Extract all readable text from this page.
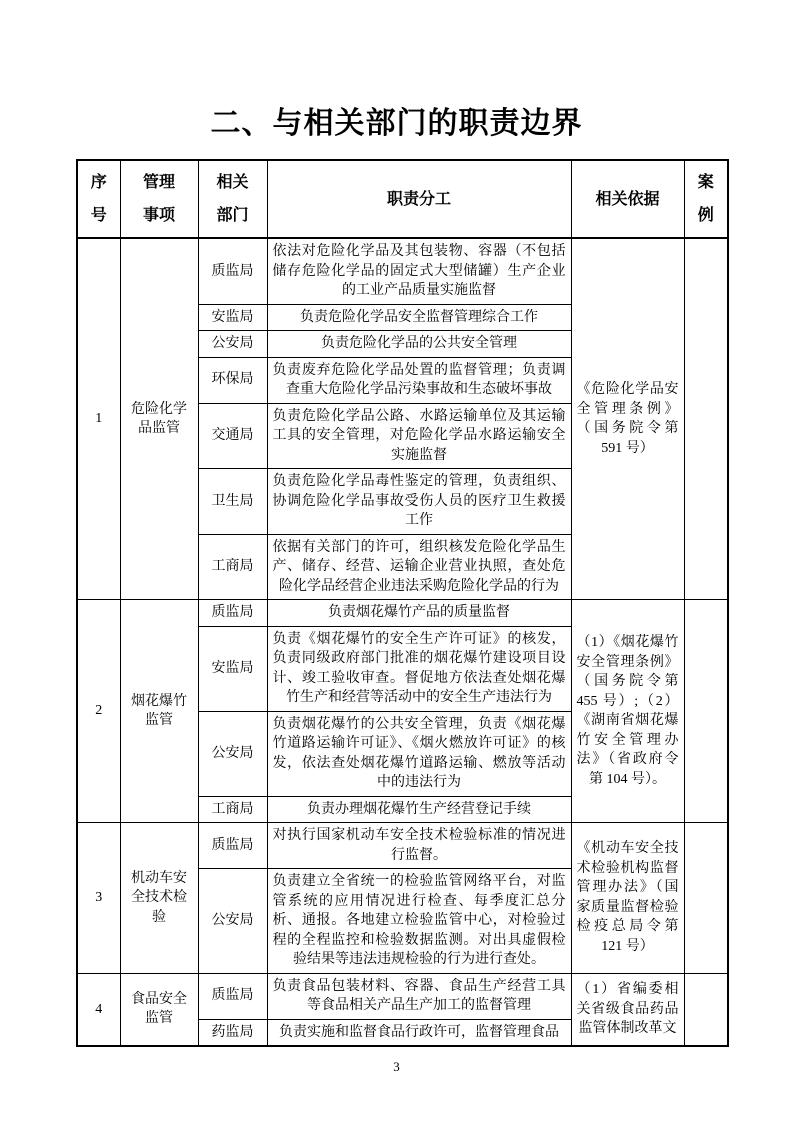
二、与相关部门的职责边界
序号	管理事项	相关部门	职责分工	相关依据	案例
1	危险化学品监管	质监局	依法对危险化学品及其包装物、容器（不包括储存危险化学品的固定式大型储罐）生产企业的工业产品质量实施监督	《危险化学品安全管理条例》（国务院令第 591 号）	
		安监局	负责危险化学品安全监督管理综合工作		
		公安局	负责危险化学品的公共安全管理		
		环保局	负责废弃危险化学品处置的监督管理；负责调查重大危险化学品污染事故和生态破坏事故		
		交通局	负责危险化学品公路、水路运输单位及其运输工具的安全管理，对危险化学品水路运输安全实施监督		
		卫生局	负责危险化学品毒性鉴定的管理，负责组织、协调危险化学品事故受伤人员的医疗卫生救援工作		
		工商局	依据有关部门的许可，组织核发危险化学品生产、储存、经营、运输企业营业执照，查处危险化学品经营企业违法采购危险化学品的行为		
2	烟花爆竹监管	质监局	负责烟花爆竹产品的质量监督	（1）《烟花爆竹安全管理条例》（国务院令第 455 号）;（2）《湖南省烟花爆竹安全管理办法》（省政府令第 104 号）。	
		安监局	负责《烟花爆竹的安全生产许可证》的核发，负责同级政府部门批准的烟花爆竹建设项目设计、竣工验收审查。督促地方依法查处烟花爆竹生产和经营等活动中的安全生产违法行为		
		公安局	负责烟花爆竹的公共安全管理，负责《烟花爆竹道路运输许可证》、《烟火燃放许可证》的核发，依法查处烟花爆竹道路运输、燃放等活动中的违法行为		
		工商局	负责办理烟花爆竹生产经营登记手续		
3	机动车安全技术检验	质监局	对执行国家机动车安全技术检验标准的情况进行监督。	《机动车安全技术检验机构监督管理办法》（国家质量监督检验检疫总局令第 121 号）	
		公安局	负责建立全省统一的检验监管网络平台，对监管系统的应用情况进行检查、每季度汇总分析、通报。各地建立检验监管中心，对检验过程的全程监控和检验数据监测。对出具虚假检验结果等违法违规检验的行为进行查处。		
4	食品安全监管	质监局	负责食品包装材料、容器、食品生产经营工具等食品相关产品生产加工的监督管理	（1）省编委相关省级食品药品监管体制改革文	
		药监局	负责实施和监督食品行政许可，监督管理食品		
3
